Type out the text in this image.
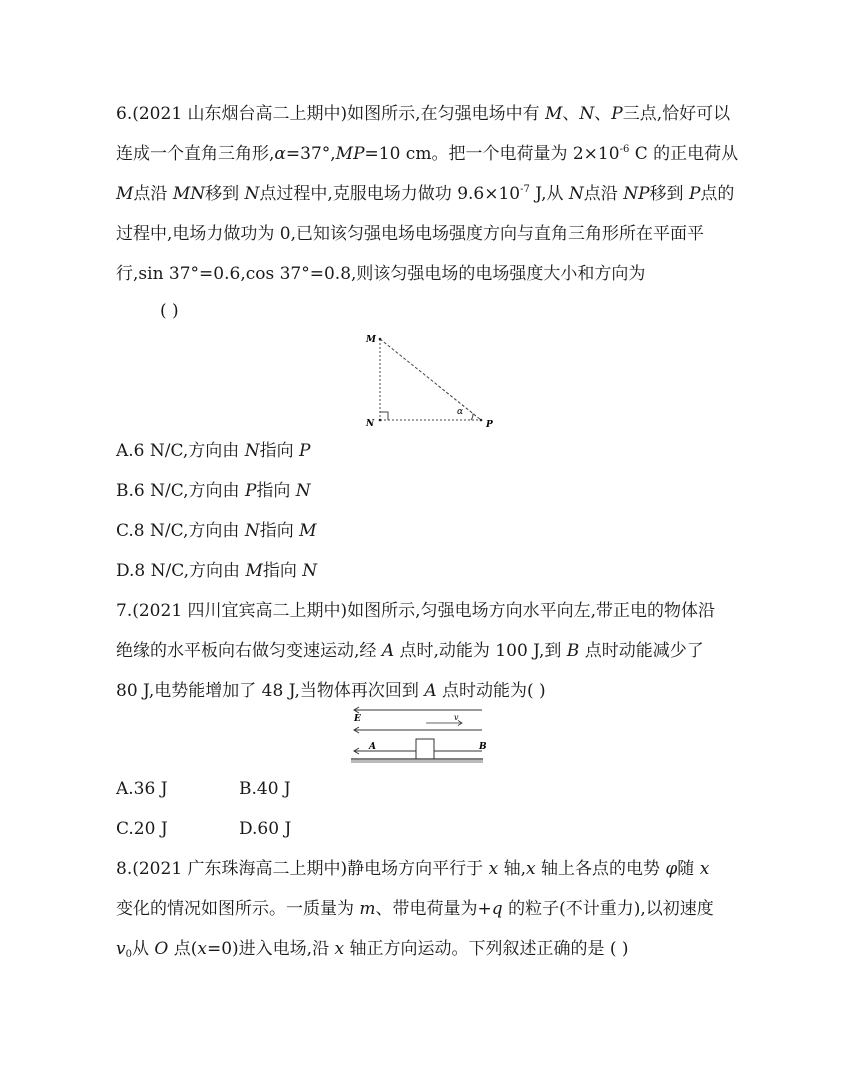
6.(2021 山东烟台高二上期中)如图所示,在匀强电场中有 M、N、P三点,恰好可以
连成一个直角三角形,α=37°,MP=10 cm。把一个电荷量为 $2\times 10^{-6}$ C 的正电荷从
M点沿 MN移到 N点过程中,克服电场力做功 $9.6\times 10^{-7}$ J,从 N点沿 NP移到 P点的
过程中,电场力做功为 0,已知该匀强电场电场强度方向与直角三角形所在平面平
行,sin 37°=0.6,cos 37°=0.8,则该匀强电场的电场强度大小和方向为
( )
M
N	P
α
A.6 N/C,方向由 N指向 P
B.6 N/C,方向由 P指向 N
C.8 N/C,方向由 N指向 M
D.8 N/C,方向由 M指向 N
7.(2021 四川宜宾高二上期中)如图所示,匀强电场方向水平向左,带正电的物体沿
绝缘的水平板向右做匀变速运动,经 A 点时,动能为 100 J,到 B 点时动能减少了
80 J,电势能增加了 48 J,当物体再次回到 A 点时动能为( )
E	v
A	B
A.36 J	B.40 J
C.20 J	D.60 J
8.(2021 广东珠海高二上期中)静电场方向平行于 x 轴,x 轴上各点的电势 φ随 x
变化的情况如图所示。一质量为 m、带电荷量为+q 的粒子(不计重力),以初速度
$v_0$从 O 点(x=0)进入电场,沿 x 轴正方向运动。下列叙述正确的是 ( )
